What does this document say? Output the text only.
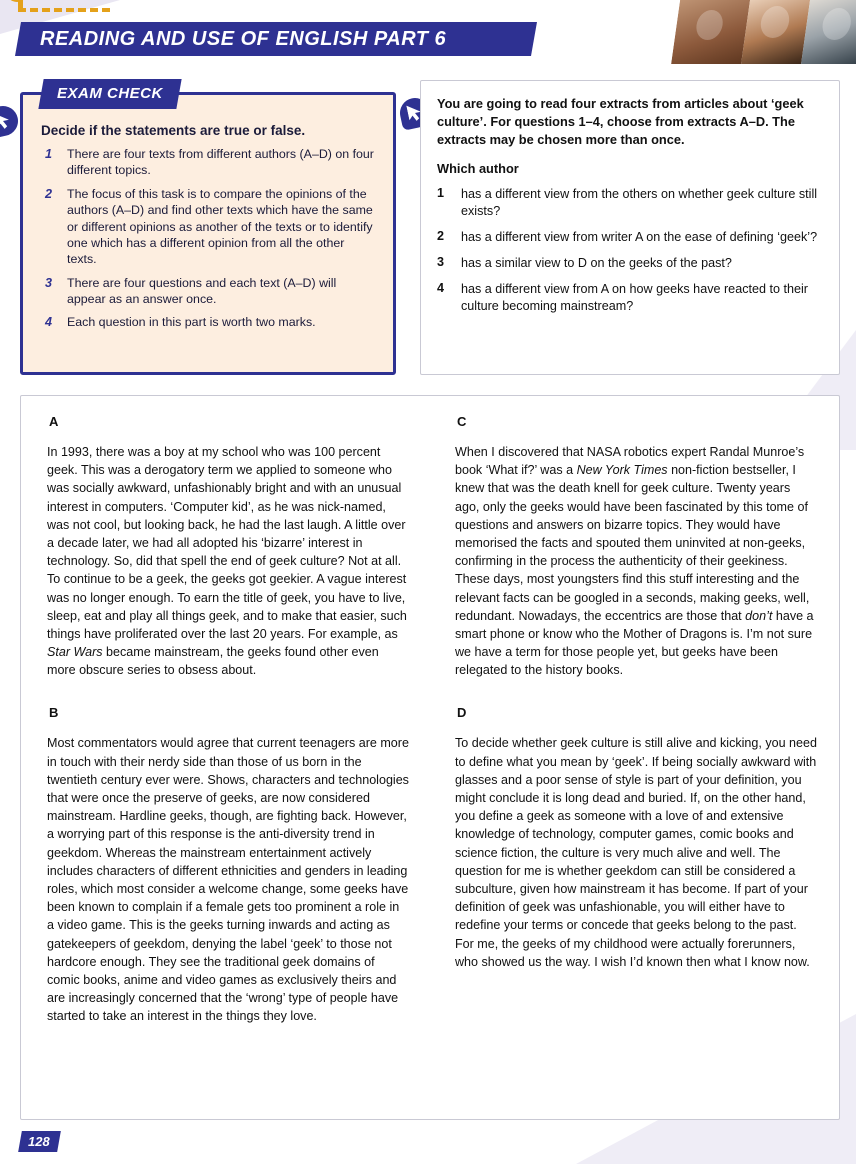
READING AND USE OF ENGLISH PART 6
EXAM CHECK
Decide if the statements are true or false.
There are four texts from different authors (A–D) on four different topics.
The focus of this task is to compare the opinions of the authors (A–D) and find other texts which have the same or different opinions as another of the texts or to identify one which has a different opinion from all the other texts.
There are four questions and each text (A–D) will appear as an answer once.
Each question in this part is worth two marks.
You are going to read four extracts from articles about ‘geek culture’. For questions 1–4, choose from extracts A–D. The extracts may be chosen more than once.
Which author
1	has a different view from the others on whether geek culture still exists?
2	has a different view from writer A on the ease of defining ‘geek’?
3	has a similar view to D on the geeks of the past?
4	has a different view from A on how geeks have reacted to their culture becoming mainstream?
A

In 1993, there was a boy at my school who was 100 percent geek. This was a derogatory term we applied to someone who was socially awkward, unfashionably bright and with an unusual interest in computers. ‘Computer kid’, as he was nick-named, was not cool, but looking back, he had the last laugh. A little over a decade later, we had all adopted his ‘bizarre’ interest in technology. So, did that spell the end of geek culture? Not at all. To continue to be a geek, the geeks got geekier. A vague interest was no longer enough. To earn the title of geek, you have to live, sleep, eat and play all things geek, and to make that easier, such things have proliferated over the last 20 years. For example, as Star Wars became mainstream, the geeks found other even more obscure series to obsess about.

B

Most commentators would agree that current teenagers are more in touch with their nerdy side than those of us born in the twentieth century ever were. Shows, characters and technologies that were once the preserve of geeks, are now considered mainstream. Hardline geeks, though, are fighting back. However, a worrying part of this response is the anti-diversity trend in geekdom. Whereas the mainstream entertainment actively includes characters of different ethnicities and genders in leading roles, which most consider a welcome change, some geeks have been known to complain if a female gets too prominent a role in a video game. This is the geeks turning inwards and acting as gatekeepers of geekdom, denying the label ‘geek’ to those not hardcore enough. They see the traditional geek domains of comic books, anime and video games as exclusively theirs and are increasingly concerned that the ‘wrong’ type of people have started to take an interest in the things they love.

C

When I discovered that NASA robotics expert Randal Munroe’s book ‘What if?’ was a New York Times non-fiction bestseller, I knew that was the death knell for geek culture. Twenty years ago, only the geeks would have been fascinated by this tome of questions and answers on bizarre topics. They would have memorised the facts and spouted them uninvited at non-geeks, confirming in the process the authenticity of their geekiness. These days, most youngsters find this stuff interesting and the relevant facts can be googled in a seconds, making geeks, well, redundant. Nowadays, the eccentrics are those that don’t have a smart phone or know who the Mother of Dragons is. I’m not sure we have a term for those people yet, but geeks have been relegated to the history books.

D

To decide whether geek culture is still alive and kicking, you need to define what you mean by ‘geek’. If being socially awkward with glasses and a poor sense of style is part of your definition, you might conclude it is long dead and buried. If, on the other hand, you define a geek as someone with a love of and extensive knowledge of technology, computer games, comic books and science fiction, the culture is very much alive and well. The question for me is whether geekdom can still be considered a subculture, given how mainstream it has become. If part of your definition of geek was unfashionable, you will either have to redefine your terms or concede that geeks belong to the past. For me, the geeks of my childhood were actually forerunners, who showed us the way. I wish I’d known then what I know now.

128
